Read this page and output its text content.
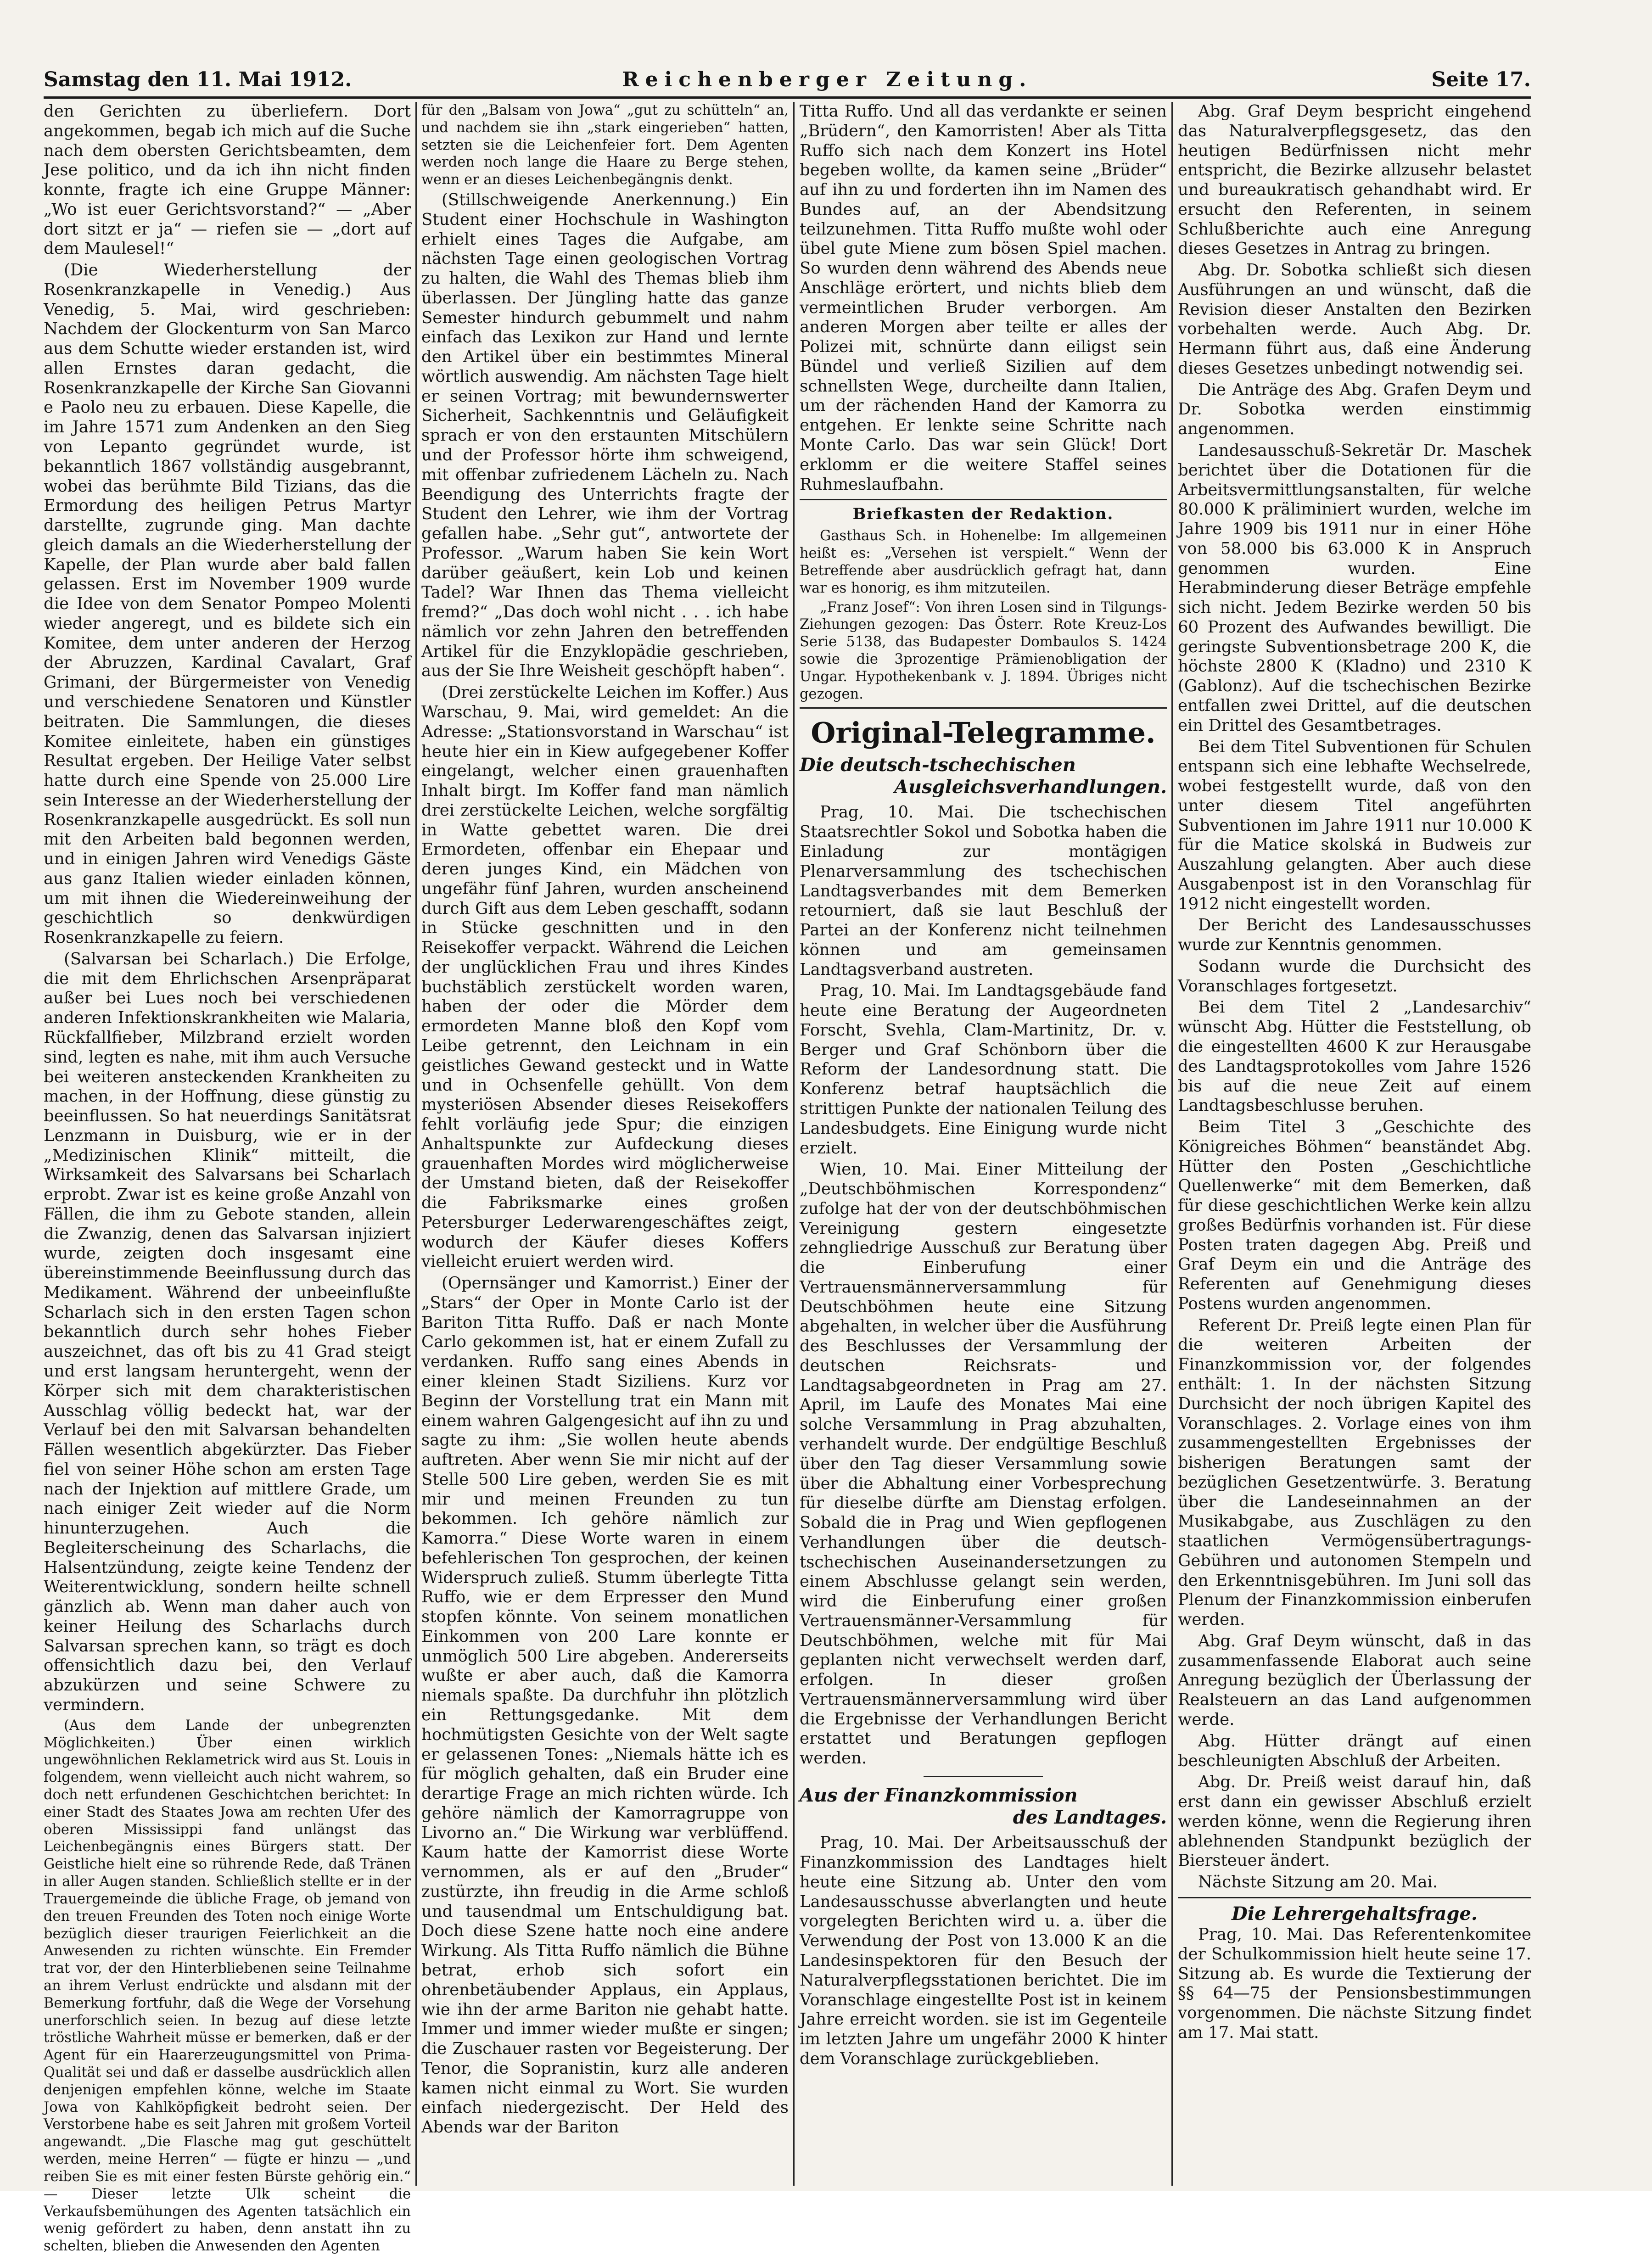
Samstag den 11. Mai 1912.	Reichenberger Zeitung.	Seite 17.

den Gerichten zu überliefern. Dort angekommen, begab ich mich auf die Suche nach dem obersten Gerichtsbeamten, dem Jese politico, und da ich ihn nicht finden konnte, fragte ich eine Gruppe Männer: „Wo ist euer Gerichtsvorstand?“ — „Aber dort sitzt er ja“ — riefen sie — „dort auf dem Maulesel!“

(Die Wiederherstellung der Rosenkranzkapelle in Venedig.) Aus Venedig, 5. Mai, wird geschrieben: Nachdem der Glockenturm von San Marco aus dem Schutte wieder erstanden ist, wird allen Ernstes daran gedacht, die Rosenkranzkapelle der Kirche San Giovanni e Paolo neu zu erbauen. Diese Kapelle, die im Jahre 1571 zum Andenken an den Sieg von Lepanto gegründet wurde, ist bekanntlich 1867 vollständig ausgebrannt, wobei das berühmte Bild Tizians, das die Ermordung des heiligen Petrus Martyr darstellte, zugrunde ging. Man dachte gleich damals an die Wiederherstellung der Kapelle, der Plan wurde aber bald fallen gelassen. Erst im November 1909 wurde die Idee von dem Senator Pompeo Molenti wieder angeregt, und es bildete sich ein Komitee, dem unter anderen der Herzog der Abruzzen, Kardinal Cavalart, Graf Grimani, der Bürgermeister von Venedig und verschiedene Senatoren und Künstler beitraten. Die Sammlungen, die dieses Komitee einleitete, haben ein günstiges Resultat ergeben. Der Heilige Vater selbst hatte durch eine Spende von 25.000 Lire sein Interesse an der Wiederherstellung der Rosenkranzkapelle ausgedrückt. Es soll nun mit den Arbeiten bald begonnen werden, und in einigen Jahren wird Venedigs Gäste aus ganz Italien wieder einladen können, um mit ihnen die Wiedereinweihung der geschichtlich so denkwürdigen Rosenkranzkapelle zu feiern.

(Salvarsan bei Scharlach.) Die Erfolge, die mit dem Ehrlichschen Arsenpräparat außer bei Lues noch bei verschiedenen anderen Infektionskrankheiten wie Malaria, Rückfallfieber, Milzbrand erzielt worden sind, legten es nahe, mit ihm auch Versuche bei weiteren ansteckenden Krankheiten zu machen, in der Hoffnung, diese günstig zu beeinflussen. So hat neuerdings Sanitätsrat Lenzmann in Duisburg, wie er in der „Medizinischen Klinik“ mitteilt, die Wirksamkeit des Salvarsans bei Scharlach erprobt. Zwar ist es keine große Anzahl von Fällen, die ihm zu Gebote standen, allein die Zwanzig, denen das Salvarsan injiziert wurde, zeigten doch insgesamt eine übereinstimmende Beeinflussung durch das Medikament. Während der unbeeinflußte Scharlach sich in den ersten Tagen schon bekanntlich durch sehr hohes Fieber auszeichnet, das oft bis zu 41 Grad steigt und erst langsam heruntergeht, wenn der Körper sich mit dem charakteristischen Ausschlag völlig bedeckt hat, war der Verlauf bei den mit Salvarsan behandelten Fällen wesentlich abgekürzter. Das Fieber fiel von seiner Höhe schon am ersten Tage nach der Injektion auf mittlere Grade, um nach einiger Zeit wieder auf die Norm hinunterzugehen. Auch die Begleiterscheinung des Scharlachs, die Halsentzündung, zeigte keine Tendenz der Weiterentwicklung, sondern heilte schnell gänzlich ab. Wenn man daher auch von keiner Heilung des Scharlachs durch Salvarsan sprechen kann, so trägt es doch offensichtlich dazu bei, den Verlauf abzukürzen und seine Schwere zu vermindern.

(Aus dem Lande der unbegrenzten Möglichkeiten.) Über einen wirklich ungewöhnlichen Reklametrick wird aus St. Louis in folgendem, wenn vielleicht auch nicht wahrem, so doch nett erfundenen Geschichtchen berichtet: In einer Stadt des Staates Jowa am rechten Ufer des oberen Mississippi fand unlängst das Leichenbegängnis eines Bürgers statt. Der Geistliche hielt eine so rührende Rede, daß Tränen in aller Augen standen. Schließlich stellte er in der Trauergemeinde die übliche Frage, ob jemand von den treuen Freunden des Toten noch einige Worte bezüglich dieser traurigen Feierlichkeit an die Anwesenden zu richten wünschte. Ein Fremder trat vor, der den Hinterbliebenen seine Teilnahme an ihrem Verlust endrückte und alsdann mit der Bemerkung fortfuhr, daß die Wege der Vorsehung unerforschlich seien. In bezug auf diese letzte tröstliche Wahrheit müsse er bemerken, daß er der Agent für ein Haarerzeugungsmittel von Prima-Qualität sei und daß er dasselbe ausdrücklich allen denjenigen empfehlen könne, welche im Staate Jowa von Kahlköpfigkeit bedroht seien. Der Verstorbene habe es seit Jahren mit großem Vorteil angewandt. „Die Flasche mag gut geschüttelt werden, meine Herren“ — fügte er hinzu — „und reiben Sie es mit einer festen Bürste gehörig ein.“ — Dieser letzte Ulk scheint die Verkaufsbemühungen des Agenten tatsächlich ein wenig gefördert zu haben, denn anstatt ihn zu schelten, blieben die Anwesenden den Agenten

für den „Balsam von Jowa“ „gut zu schütteln“ an, und nachdem sie ihn „stark eingerieben“ hatten, setzten sie die Leichenfeier fort. Dem Agenten werden noch lange die Haare zu Berge stehen, wenn er an dieses Leichenbegängnis denkt.

(Stillschweigende Anerkennung.) Ein Student einer Hochschule in Washington erhielt eines Tages die Aufgabe, am nächsten Tage einen geologischen Vortrag zu halten, die Wahl des Themas blieb ihm überlassen. Der Jüngling hatte das ganze Semester hindurch gebummelt und nahm einfach das Lexikon zur Hand und lernte den Artikel über ein bestimmtes Mineral wörtlich auswendig. Am nächsten Tage hielt er seinen Vortrag; mit bewundernswerter Sicherheit, Sachkenntnis und Geläufigkeit sprach er von den erstaunten Mitschülern und der Professor hörte ihm schweigend, mit offenbar zufriedenem Lächeln zu. Nach Beendigung des Unterrichts fragte der Student den Lehrer, wie ihm der Vortrag gefallen habe. „Sehr gut“, antwortete der Professor. „Warum haben Sie kein Wort darüber geäußert, kein Lob und keinen Tadel? War Ihnen das Thema vielleicht fremd?“ „Das doch wohl nicht . . . ich habe nämlich vor zehn Jahren den betreffenden Artikel für die Enzyklopädie geschrieben, aus der Sie Ihre Weisheit geschöpft haben“.

(Drei zerstückelte Leichen im Koffer.) Aus Warschau, 9. Mai, wird gemeldet: An die Adresse: „Stationsvorstand in Warschau“ ist heute hier ein in Kiew aufgegebener Koffer eingelangt, welcher einen grauenhaften Inhalt birgt. Im Koffer fand man nämlich drei zerstückelte Leichen, welche sorgfältig in Watte gebettet waren. Die drei Ermordeten, offenbar ein Ehepaar und deren junges Kind, ein Mädchen von ungefähr fünf Jahren, wurden anscheinend durch Gift aus dem Leben geschafft, sodann in Stücke geschnitten und in den Reisekoffer verpackt. Während die Leichen der unglücklichen Frau und ihres Kindes buchstäblich zerstückelt worden waren, haben der oder die Mörder dem ermordeten Manne bloß den Kopf vom Leibe getrennt, den Leichnam in ein geistliches Gewand gesteckt und in Watte und in Ochsenfelle gehüllt. Von dem mysteriösen Absender dieses Reisekoffers fehlt vorläufig jede Spur; die einzigen Anhaltspunkte zur Aufdeckung dieses grauenhaften Mordes wird möglicherweise der Umstand bieten, daß der Reisekoffer die Fabriksmarke eines großen Petersburger Lederwarengeschäftes zeigt, wodurch der Käufer dieses Koffers vielleicht eruiert werden wird.

(Opernsänger und Kamorrist.) Einer der „Stars“ der Oper in Monte Carlo ist der Bariton Titta Ruffo. Daß er nach Monte Carlo gekommen ist, hat er einem Zufall zu verdanken. Ruffo sang eines Abends in einer kleinen Stadt Siziliens. Kurz vor Beginn der Vorstellung trat ein Mann mit einem wahren Galgengesicht auf ihn zu und sagte zu ihm: „Sie wollen heute abends auftreten. Aber wenn Sie mir nicht auf der Stelle 500 Lire geben, werden Sie es mit mir und meinen Freunden zu tun bekommen. Ich gehöre nämlich zur Kamorra.“ Diese Worte waren in einem befehlerischen Ton gesprochen, der keinen Widerspruch zuließ. Stumm überlegte Titta Ruffo, wie er dem Erpresser den Mund stopfen könnte. Von seinem monatlichen Einkommen von 200 Lare konnte er unmöglich 500 Lire abgeben. Andererseits wußte er aber auch, daß die Kamorra niemals spaßte. Da durchfuhr ihn plötzlich ein Rettungsgedanke. Mit dem hochmütigsten Gesichte von der Welt sagte er gelassenen Tones: „Niemals hätte ich es für möglich gehalten, daß ein Bruder eine derartige Frage an mich richten würde. Ich gehöre nämlich der Kamorragruppe von Livorno an.“ Die Wirkung war verblüffend. Kaum hatte der Kamorrist diese Worte vernommen, als er auf den „Bruder“ zustürzte, ihn freudig in die Arme schloß und tausendmal um Entschuldigung bat. Doch diese Szene hatte noch eine andere Wirkung. Als Titta Ruffo nämlich die Bühne betrat, erhob sich sofort ein ohrenbetäubender Applaus, ein Applaus, wie ihn der arme Bariton nie gehabt hatte. Immer und immer wieder mußte er singen; die Zuschauer rasten vor Begeisterung. Der Tenor, die Sopranistin, kurz alle anderen kamen nicht einmal zu Wort. Sie wurden einfach niedergezischt. Der Held des Abends war der Bariton

Titta Ruffo. Und all das verdankte er seinen „Brüdern“, den Kamorristen! Aber als Titta Ruffo sich nach dem Konzert ins Hotel begeben wollte, da kamen seine „Brüder“ auf ihn zu und forderten ihn im Namen des Bundes auf, an der Abendsitzung teilzunehmen. Titta Ruffo mußte wohl oder übel gute Miene zum bösen Spiel machen. So wurden denn während des Abends neue Anschläge erörtert, und nichts blieb dem vermeintlichen Bruder verborgen. Am anderen Morgen aber teilte er alles der Polizei mit, schnürte dann eiligst sein Bündel und verließ Sizilien auf dem schnellsten Wege, durcheilte dann Italien, um der rächenden Hand der Kamorra zu entgehen. Er lenkte seine Schritte nach Monte Carlo. Das war sein Glück! Dort erklomm er die weitere Staffel seines Ruhmeslaufbahn.

Briefkasten der Redaktion.

Gasthaus Sch. in Hohenelbe: Im allgemeinen heißt es: „Versehen ist verspielt.“ Wenn der Betreffende aber ausdrücklich gefragt hat, dann war es honorig, es ihm mitzuteilen.

„Franz Josef“: Von ihren Losen sind in Tilgungs-Ziehungen gezogen: Das Österr. Rote Kreuz-Los Serie 5138, das Budapester Dombaulos S. 1424 sowie die 3prozentige Prämienobligation der Ungar. Hypothekenbank v. J. 1894. Übriges nicht gezogen.

Original-Telegramme.
Die deutsch-tschechischen
Ausgleichsverhandlungen.

Prag, 10. Mai. Die tschechischen Staatsrechtler Sokol und Sobotka haben die Einladung zur montägigen Plenarversammlung des tschechischen Landtagsverbandes mit dem Bemerken retourniert, daß sie laut Beschluß der Partei an der Konferenz nicht teilnehmen können und am gemeinsamen Landtagsverband austreten.

Prag, 10. Mai. Im Landtagsgebäude fand heute eine Beratung der Augeordneten Forscht, Svehla, Clam-Martinitz, Dr. v. Berger und Graf Schönborn über die Reform der Landesordnung statt. Die Konferenz betraf hauptsächlich die strittigen Punkte der nationalen Teilung des Landesbudgets. Eine Einigung wurde nicht erzielt.

Wien, 10. Mai. Einer Mitteilung der „Deutschböhmischen Korrespondenz“ zufolge hat der von der deutschböhmischen Vereinigung gestern eingesetzte zehngliedrige Ausschuß zur Beratung über die Einberufung einer Vertrauensmännerversammlung für Deutschböhmen heute eine Sitzung abgehalten, in welcher über die Ausführung des Beschlusses der Versammlung der deutschen Reichsrats- und Landtagsabgeordneten in Prag am 27. April, im Laufe des Monates Mai eine solche Versammlung in Prag abzuhalten, verhandelt wurde. Der endgültige Beschluß über den Tag dieser Versammlung sowie über die Abhaltung einer Vorbesprechung für dieselbe dürfte am Dienstag erfolgen. Sobald die in Prag und Wien gepflogenen Verhandlungen über die deutsch-tschechischen Auseinandersetzungen zu einem Abschlusse gelangt sein werden, wird die Einberufung einer großen Vertrauensmänner-Versammlung für Deutschböhmen, welche mit für Mai geplanten nicht verwechselt werden darf, erfolgen. In dieser großen Vertrauensmännerversammlung wird über die Ergebnisse der Verhandlungen Bericht erstattet und Beratungen gepflogen werden.

Aus der Finanzkommission
des Landtages.

Prag, 10. Mai. Der Arbeitsausschuß der Finanzkommission des Landtages hielt heute eine Sitzung ab. Unter den vom Landesausschusse abverlangten und heute vorgelegten Berichten wird u. a. über die Verwendung der Post von 13.000 K an die Landesinspektoren für den Besuch der Naturalverpflegsstationen berichtet. Die im Voranschlage eingestellte Post ist in keinem Jahre erreicht worden. sie ist im Gegenteile im letzten Jahre um ungefähr 2000 K hinter dem Voranschlage zurückgeblieben.

Abg. Graf Deym bespricht eingehend das Naturalverpflegsgesetz, das den heutigen Bedürfnissen nicht mehr entspricht, die Bezirke allzusehr belastet und bureaukratisch gehandhabt wird. Er ersucht den Referenten, in seinem Schlußberichte auch eine Anregung dieses Gesetzes in Antrag zu bringen.

Abg. Dr. Sobotka schließt sich diesen Ausführungen an und wünscht, daß die Revision dieser Anstalten den Bezirken vorbehalten werde. Auch Abg. Dr. Hermann führt aus, daß eine Änderung dieses Gesetzes unbedingt notwendig sei.

Die Anträge des Abg. Grafen Deym und Dr. Sobotka werden einstimmig angenommen.

Landesausschuß-Sekretär Dr. Maschek berichtet über die Dotationen für die Arbeitsvermittlungsanstalten, für welche 80.000 K präliminiert wurden, welche im Jahre 1909 bis 1911 nur in einer Höhe von 58.000 bis 63.000 K in Anspruch genommen wurden. Eine Herabminderung dieser Beträge empfehle sich nicht. Jedem Bezirke werden 50 bis 60 Prozent des Aufwandes bewilligt. Die geringste Subventionsbetrage 200 K, die höchste 2800 K (Kladno) und 2310 K (Gablonz). Auf die tschechischen Bezirke entfallen zwei Drittel, auf die deutschen ein Drittel des Gesamtbetrages.

Bei dem Titel Subventionen für Schulen entspann sich eine lebhafte Wechselrede, wobei festgestellt wurde, daß von den unter diesem Titel angeführten Subventionen im Jahre 1911 nur 10.000 K für die Matice skolská in Budweis zur Auszahlung gelangten. Aber auch diese Ausgabenpost ist in den Voranschlag für 1912 nicht eingestellt worden.

Der Bericht des Landesausschusses wurde zur Kenntnis genommen.

Sodann wurde die Durchsicht des Voranschlages fortgesetzt.

Bei dem Titel 2 „Landesarchiv“ wünscht Abg. Hütter die Feststellung, ob die eingestellten 4600 K zur Herausgabe des Landtagsprotokolles vom Jahre 1526 bis auf die neue Zeit auf einem Landtagsbeschlusse beruhen.

Beim Titel 3 „Geschichte des Königreiches Böhmen“ beanständet Abg. Hütter den Posten „Geschichtliche Quellenwerke“ mit dem Bemerken, daß für diese geschichtlichen Werke kein allzu großes Bedürfnis vorhanden ist. Für diese Posten traten dagegen Abg. Preiß und Graf Deym ein und die Anträge des Referenten auf Genehmigung dieses Postens wurden angenommen.

Referent Dr. Preiß legte einen Plan für die weiteren Arbeiten der Finanzkommission vor, der folgendes enthält: 1. In der nächsten Sitzung Durchsicht der noch übrigen Kapitel des Voranschlages. 2. Vorlage eines von ihm zusammengestellten Ergebnisses der bisherigen Beratungen samt der bezüglichen Gesetzentwürfe. 3. Beratung über die Landeseinnahmen an der Musikabgabe, aus Zuschlägen zu den staatlichen Vermögensübertragungs-Gebühren und autonomen Stempeln und den Erkenntnisgebühren. Im Juni soll das Plenum der Finanzkommission einberufen werden.

Abg. Graf Deym wünscht, daß in das zusammenfassende Elaborat auch seine Anregung bezüglich der Überlassung der Realsteuern an das Land aufgenommen werde.

Abg. Hütter drängt auf einen beschleunigten Abschluß der Arbeiten.

Abg. Dr. Preiß weist darauf hin, daß erst dann ein gewisser Abschluß erzielt werden könne, wenn die Regierung ihren ablehnenden Standpunkt bezüglich der Biersteuer ändert.

Nächste Sitzung am 20. Mai.

Die Lehrergehaltsfrage.

Prag, 10. Mai. Das Referentenkomitee der Schulkommission hielt heute seine 17. Sitzung ab. Es wurde die Textierung der §§ 64—75 der Pensionsbestimmungen vorgenommen. Die nächste Sitzung findet am 17. Mai statt.
